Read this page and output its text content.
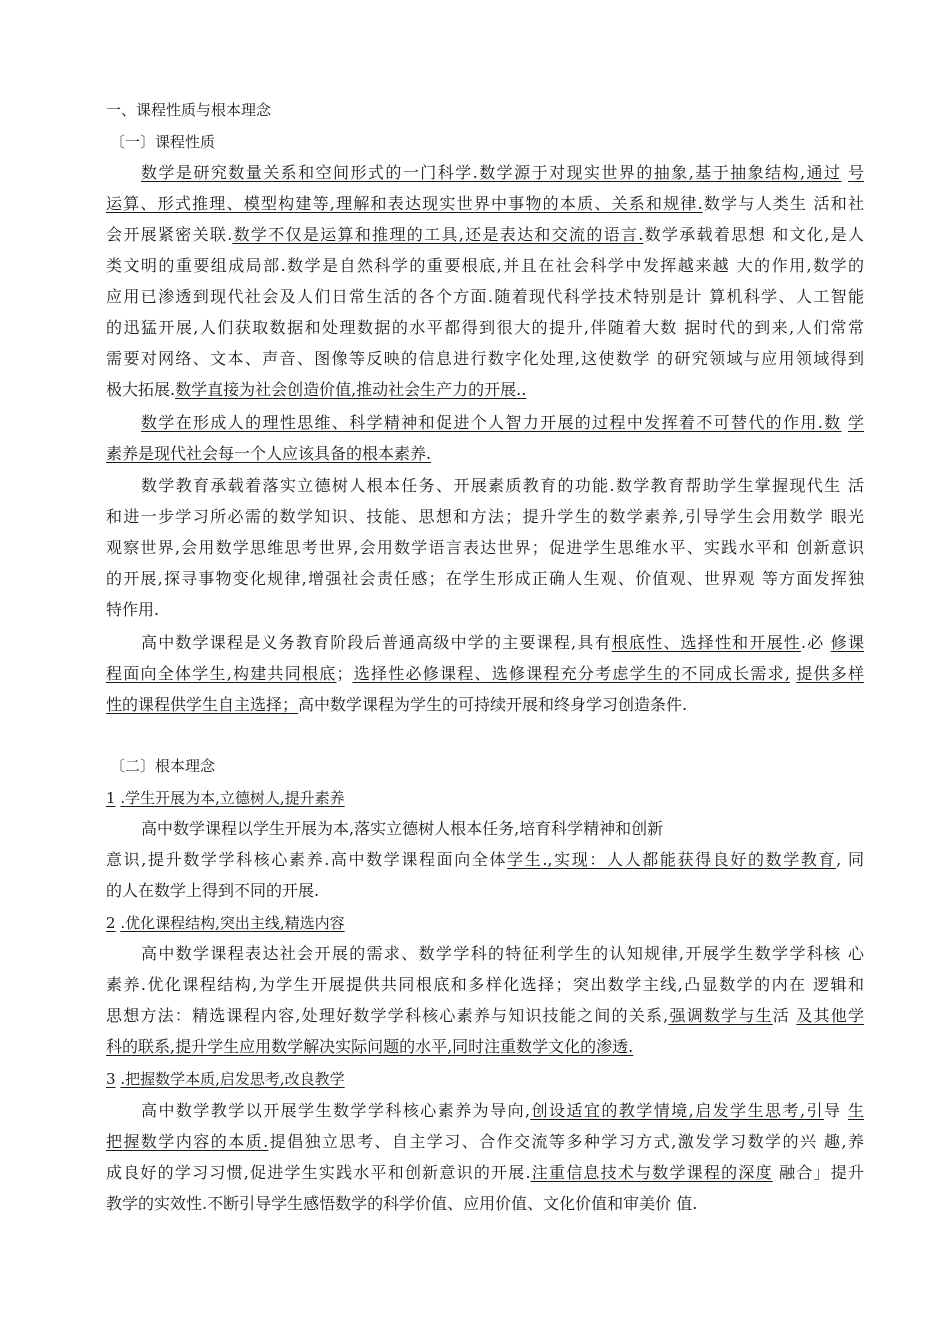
一、课程性质与根本理念
〔一〕课程性质
数学是研究数量关系和空间形式的一门科学.数学源于对现实世界的抽象,基于抽象结构,通过 号
运算、形式推理、模型构建等,理解和表达现实世界中事物的本质、关系和规律.数学与人类生 活和社
会开展紧密关联.数学不仅是运算和推理的工具,还是表达和交流的语言.数学承载着思想 和文化,是人
类文明的重要组成局部.数学是自然科学的重要根底,并且在社会科学中发挥越来越 大的作用,数学的
应用已渗透到现代社会及人们日常生活的各个方面.随着现代科学技术特别是计 算机科学、人工智能
的迅猛开展,人们获取数据和处理数据的水平都得到很大的提升,伴随着大数 据时代的到来,人们常常
需要对网络、文本、声音、图像等反映的信息进行数字化处理,这使数学 的研究领域与应用领域得到
极大拓展.数学直接为社会创造价值,推动社会生产力的开展..
数学在形成人的理性思维、科学精神和促进个人智力开展的过程中发挥着不可替代的作用.数 学
素养是现代社会每一个人应该具备的根本素养.
数学教育承载着落实立德树人根本任务、开展素质教育的功能.数学教育帮助学生掌握现代生 活
和进一步学习所必需的数学知识、技能、思想和方法；提升学生的数学素养,引导学生会用数学 眼光
观察世界,会用数学思维思考世界,会用数学语言表达世界；促进学生思维水平、实践水平和 创新意识
的开展,探寻事物变化规律,增强社会责任感；在学生形成正确人生观、价值观、世界观 等方面发挥独
特作用.
高中数学课程是义务教育阶段后普通高级中学的主要课程,具有根底性、选择性和开展性.必 修课
程面向全体学生,构建共同根底；选择性必修课程、选修课程充分考虑学生的不同成长需求, 提供多样
性的课程供学生自主选择；高中数学课程为学生的可持续开展和终身学习创造条件.
〔二〕根本理念
1 .学生开展为本,立德树人,提升素养
高中数学课程以学生开展为本,落实立德树人根本任务,培育科学精神和创新
意识,提升数学学科核心素养.高中数学课程面向全体学生.,实现：人人都能获得良好的数学教育, 同
的人在数学上得到不同的开展.
2 .优化课程结构,突出主线,精选内容
高中数学课程表达社会开展的需求、数学学科的特征利学生的认知规律,开展学生数学学科核 心
素养.优化课程结构,为学生开展提供共同根底和多样化选择；突出数学主线,凸显数学的内在 逻辑和
思想方法：精选课程内容,处理好数学学科核心素养与知识技能之间的关系,强调数学与生活 及其他学
科的联系,提升学生应用数学解决实际问题的水平,同时注重数学文化的渗透.
3 .把握数学本质,启发思考,改良教学
高中数学教学以开展学生数学学科核心素养为导向,创设适宜的教学情境,启发学生思考,引导 生
把握数学内容的本质.提倡独立思考、自主学习、合作交流等多种学习方式,激发学习数学的兴 趣,养
成良好的学习习惯,促进学生实践水平和创新意识的开展.注重信息技术与数学课程的深度 融合」提升
教学的实效性.不断引导学生感悟数学的科学价值、应用价值、文化价值和审美价 值.
